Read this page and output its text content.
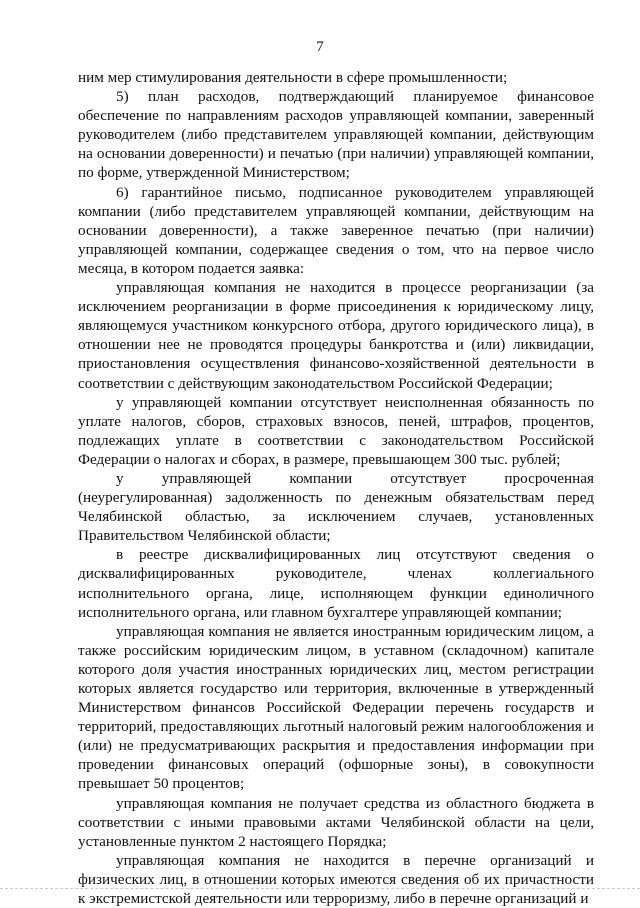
7

ним мер стимулирования деятельности в сфере промышленности;

5) план расходов, подтверждающий планируемое финансовое обеспечение по направлениям расходов управляющей компании, заверенный руководителем (либо представителем управляющей компании, действующим на основании доверенности) и печатью (при наличии) управляющей компании, по форме, утвержденной Министерством;

6) гарантийное письмо, подписанное руководителем управляющей компании (либо представителем управляющей компании, действующим на основании доверенности), а также заверенное печатью (при наличии) управляющей компании, содержащее сведения о том, что на первое число месяца, в котором подается заявка:

управляющая компания не находится в процессе реорганизации (за исключением реорганизации в форме присоединения к юридическому лицу, являющемуся участником конкурсного отбора, другого юридического лица), в отношении нее не проводятся процедуры банкротства и (или) ликвидации, приостановления осуществления финансово-хозяйственной деятельности в соответствии с действующим законодательством Российской Федерации;

у управляющей компании отсутствует неисполненная обязанность по уплате налогов, сборов, страховых взносов, пеней, штрафов, процентов, подлежащих уплате в соответствии с законодательством Российской Федерации о налогах и сборах, в размере, превышающем 300 тыс. рублей;

у управляющей компании отсутствует просроченная (неурегулированная) задолженность по денежным обязательствам перед Челябинской областью, за исключением случаев, установленных Правительством Челябинской области;

в реестре дисквалифицированных лиц отсутствуют сведения о дисквалифицированных руководителе, членах коллегиального исполнительного органа, лице, исполняющем функции единоличного исполнительного органа, или главном бухгалтере управляющей компании;

управляющая компания не является иностранным юридическим лицом, а также российским юридическим лицом, в уставном (складочном) капитале которого доля участия иностранных юридических лиц, местом регистрации которых является государство или территория, включенные в утвержденный Министерством финансов Российской Федерации перечень государств и территорий, предоставляющих льготный налоговый режим налогообложения и (или) не предусматривающих раскрытия и предоставления информации при проведении финансовых операций (офшорные зоны), в совокупности превышает 50 процентов;

управляющая компания не получает средства из областного бюджета в соответствии с иными правовыми актами Челябинской области на цели, установленные пунктом 2 настоящего Порядка;

управляющая компания не находится в перечне организаций и физических лиц, в отношении которых имеются сведения об их причастности к экстремистской деятельности или терроризму, либо в перечне организаций и
